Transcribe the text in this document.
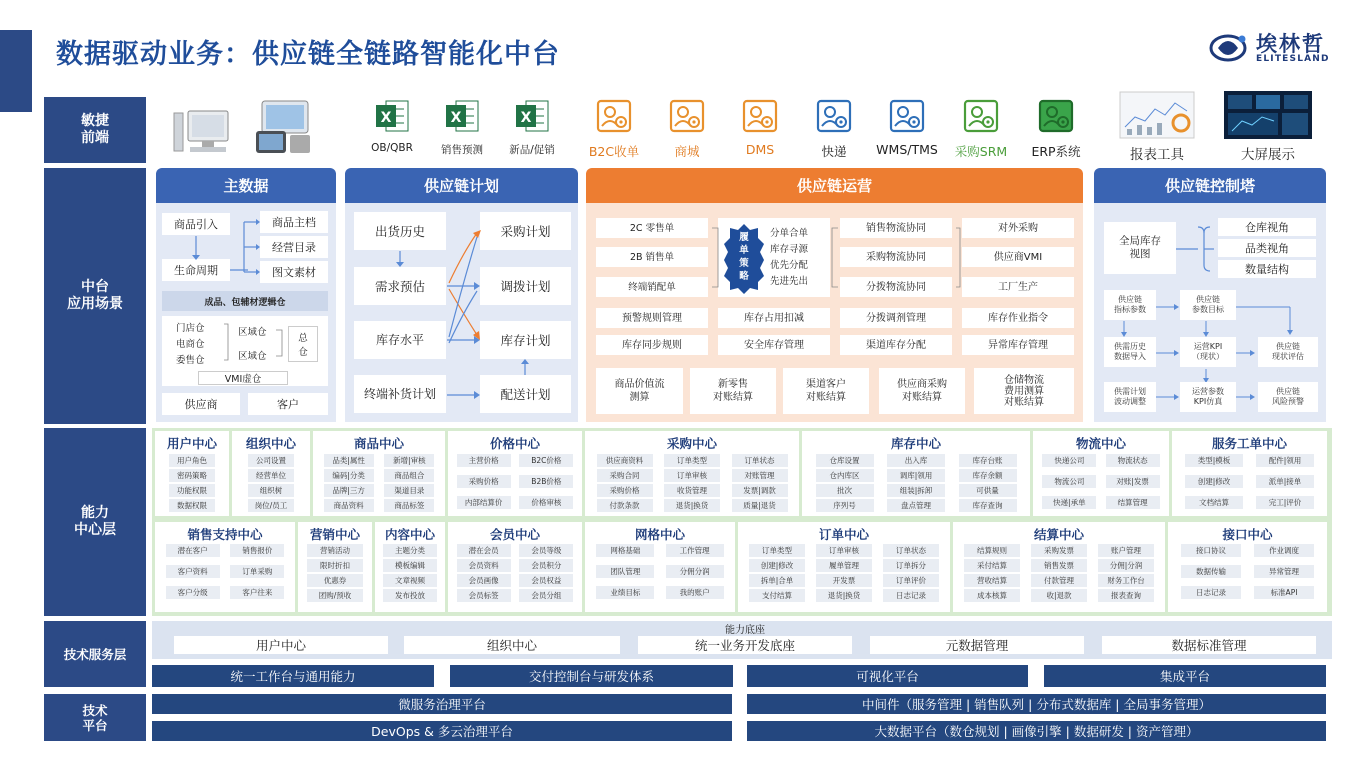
数据驱动业务：供应链全链路智能化中台	埃林哲
ELITESLAND
敏捷
前端
中台
应用场景
能力
中心层
技术服务层
技术
平台
X
OB/QBR
X
销售预测
X
新品/促销	B2C收单	商城	DMS	快递	WMS/TMS	采购SRM	ERP系统	报表工具	大屏展示
主数据
商品引入
生命周期
商品主档
经营目录
图文素材
成品、包辅材逻辑仓
门店仓
电商仓
委售仓
区域仓
区域仓
总
仓
VMI虚仓
供应商	客户
供应链计划
出货历史
需求预估
库存水平
终端补货计划
采购计划
调拨计划
库存计划
配送计划
供应链运营
2C 零售单
2B 销售单
终端销配单
履
单
策
略
分单合单
库存寻源
优先分配
先进先出
销售物流协同
采购物流协同
分拨物流协同
对外采购
供应商VMI
工厂生产
预警规则管理	库存占用扣减	分拨调剂管理	库存作业指令
库存同步规则	安全库存管理	渠道库存分配	异常库存管理
商品价值流
测算
新零售
对账结算
渠道客户
对账结算
供应商采购
对账结算
仓储物流
费用测算
对账结算
供应链控制塔
全局库存
视图
仓库视角
品类视角
数量结构
供应链
指标参数
供应链
参数目标
供需历史
数据导入
运营KPI
（现状）
供应链
现状评估
供需计划
波动调整
运营参数
KPI仿真
供应链
风险预警
用户中心
用户角色
密码策略
功能权限
数据权限
组织中心
公司设置
经营单位
组织树
岗位/员工
商品中心
品类|属性	新增|审核
编码|分类	商品组合
品牌|三方	渠道目录
商品资料	商品标签
价格中心
主营价格	B2C价格
采购价格	B2B价格
内部结算价	价格审核
采购中心
供应商资料	订单类型	订单状态
采购合同	订单审核	对账管理
采购价格	收货管理	发票|调款
付款条款	退货|换货	质量|退货
库存中心
仓库设置	出入库	库存台账
仓内库区	调库|领用	库存余额
批次	组装|拆卸	可供量
序列号	盘点管理	库存查询
物流中心
快递公司	物流状态
物流公司	对账|发票
快递|承单	结算管理
服务工单中心
类型|模板	配件|领用
创建|修改	派单|接单
文档结算	完工|评价
销售支持中心
潜在客户	销售报价
客户资料	订单采购
客户分级	客户往来
营销中心
营销活动
限时折扣
优惠券
团购/预收
内容中心
主题分类
模板编辑
文章视频
发布投放
会员中心
潜在会员	会员等级
会员资料	会员积分
会员画像	会员权益
会员标签	会员分组
网格中心
网格基础	工作管理
团队管理	分佣分润
业绩目标	我的账户
订单中心
订单类型	订单审核	订单状态
创建|修改	履单管理	订单拆分
拆单|合单	开发票	订单评价
支付结算	退货|换货	日志记录
结算中心
结算规则	采购发票	账户管理
采付结算	销售发票	分佣|分润
营收结算	付款管理	财务工作台
成本核算	收|退款	报表查询
接口中心
接口协议	作业调度
数据传输	异常管理
日志记录	标准API
能力底座
用户中心	组织中心	统一业务开发底座	元数据管理	数据标准管理
统一工作台与通用能力	交付控制台与研发体系	可视化平台	集成平台
微服务治理平台
DevOps & 多云治理平台
中间件（服务管理 | 销售队列 | 分布式数据库 | 全局事务管理）
大数据平台（数仓规划 | 画像引擎 | 数据研发 | 资产管理）
